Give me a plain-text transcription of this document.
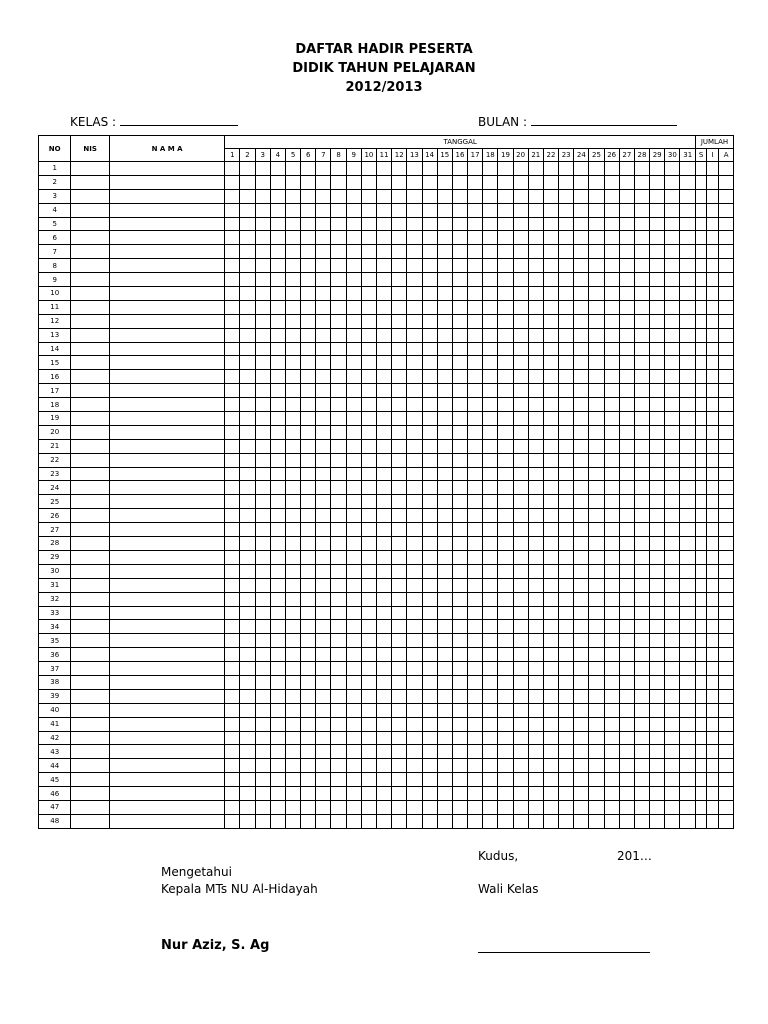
DAFTAR HADIR PESERTA
DIDIK TAHUN PELAJARAN
2012/2013
KELAS :	BULAN :
NO	NIS	N A M A	TANGGAL																															JUMLAH		
			1	2	3	4	5	6	7	8	9	10	11	12	13	14	15	16	17	18	19	20	21	22	23	24	25	26	27	28	29	30	31	S	I	A
1																																				
2																																				
3																																				
4																																				
5																																				
6																																				
7																																				
8																																				
9																																				
10																																				
11																																				
12																																				
13																																				
14																																				
15																																				
16																																				
17																																				
18																																				
19																																				
20																																				
21																																				
22																																				
23																																				
24																																				
25																																				
26																																				
27																																				
28																																				
29																																				
30																																				
31																																				
32																																				
33																																				
34																																				
35																																				
36																																				
37																																				
38																																				
39																																				
40																																				
41																																				
42																																				
43																																				
44																																				
45																																				
46																																				
47																																				
48																																				
Kudus,	201…
Mengetahui
Kepala MTs NU Al-Hidayah	Wali Kelas
Nur Aziz, S. Ag
